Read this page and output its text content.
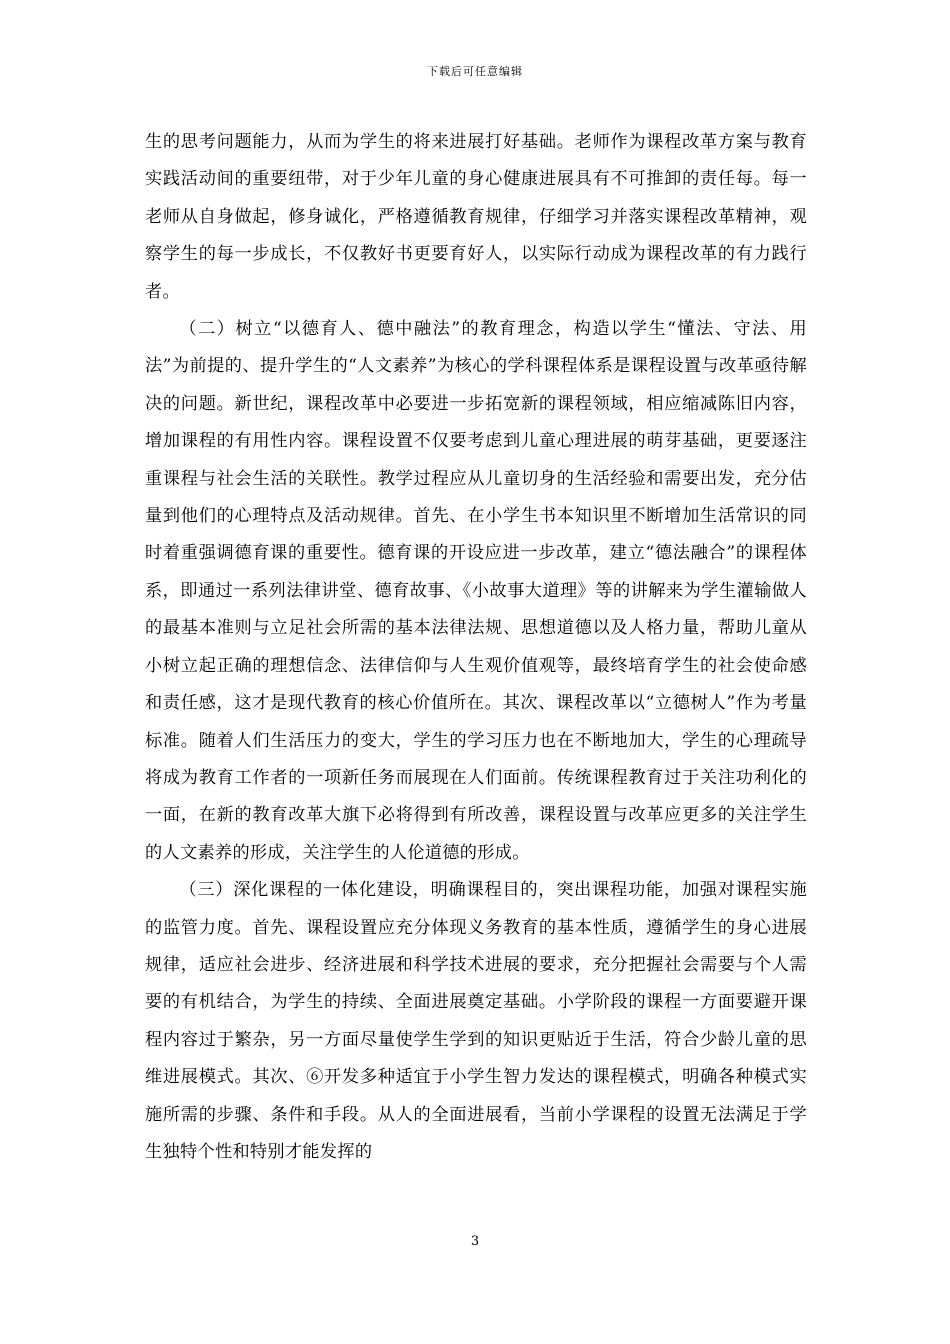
下载后可任意编辑

生的思考问题能力，从而为学生的将来进展打好基础。老师作为课程改革方案与教育实践活动间的重要纽带，对于少年儿童的身心健康进展具有不可推卸的责任每。每一老师从自身做起，修身诚化，严格遵循教育规律，仔细学习并落实课程改革精神，观察学生的每一步成长，不仅教好书更要育好人，以实际行动成为课程改革的有力践行者。

（二）树立“以德育人、德中融法”的教育理念，构造以学生“懂法、守法、用法”为前提的、提升学生的“人文素养”为核心的学科课程体系是课程设置与改革亟待解决的问题。新世纪，课程改革中必要进一步拓宽新的课程领域，相应缩减陈旧内容，增加课程的有用性内容。课程设置不仅要考虑到儿童心理进展的萌芽基础，更要逐注重课程与社会生活的关联性。教学过程应从儿童切身的生活经验和需要出发，充分估量到他们的心理特点及活动规律。首先、在小学生书本知识里不断增加生活常识的同时着重强调德育课的重要性。德育课的开设应进一步改革，建立“德法融合”的课程体系，即通过一系列法律讲堂、德育故事、《小故事大道理》等的讲解来为学生灌输做人的最基本准则与立足社会所需的基本法律法规、思想道德以及人格力量，帮助儿童从小树立起正确的理想信念、法律信仰与人生观价值观等，最终培育学生的社会使命感和责任感，这才是现代教育的核心价值所在。其次、课程改革以“立德树人”作为考量标准。随着人们生活压力的变大，学生的学习压力也在不断地加大，学生的心理疏导将成为教育工作者的一项新任务而展现在人们面前。传统课程教育过于关注功利化的一面，在新的教育改革大旗下必将得到有所改善，课程设置与改革应更多的关注学生的人文素养的形成，关注学生的人伦道德的形成。

（三）深化课程的一体化建设，明确课程目的，突出课程功能，加强对课程实施的监管力度。首先、课程设置应充分体现义务教育的基本性质，遵循学生的身心进展规律，适应社会进步、经济进展和科学技术进展的要求，充分把握社会需要与个人需要的有机结合，为学生的持续、全面进展奠定基础。小学阶段的课程一方面要避开课程内容过于繁杂，另一方面尽量使学生学到的知识更贴近于生活，符合少龄儿童的思维进展模式。其次、⑥开发多种适宜于小学生智力发达的课程模式，明确各种模式实施所需的步骤、条件和手段。从人的全面进展看，当前小学课程的设置无法满足于学生独特个性和特别才能发挥的

3
